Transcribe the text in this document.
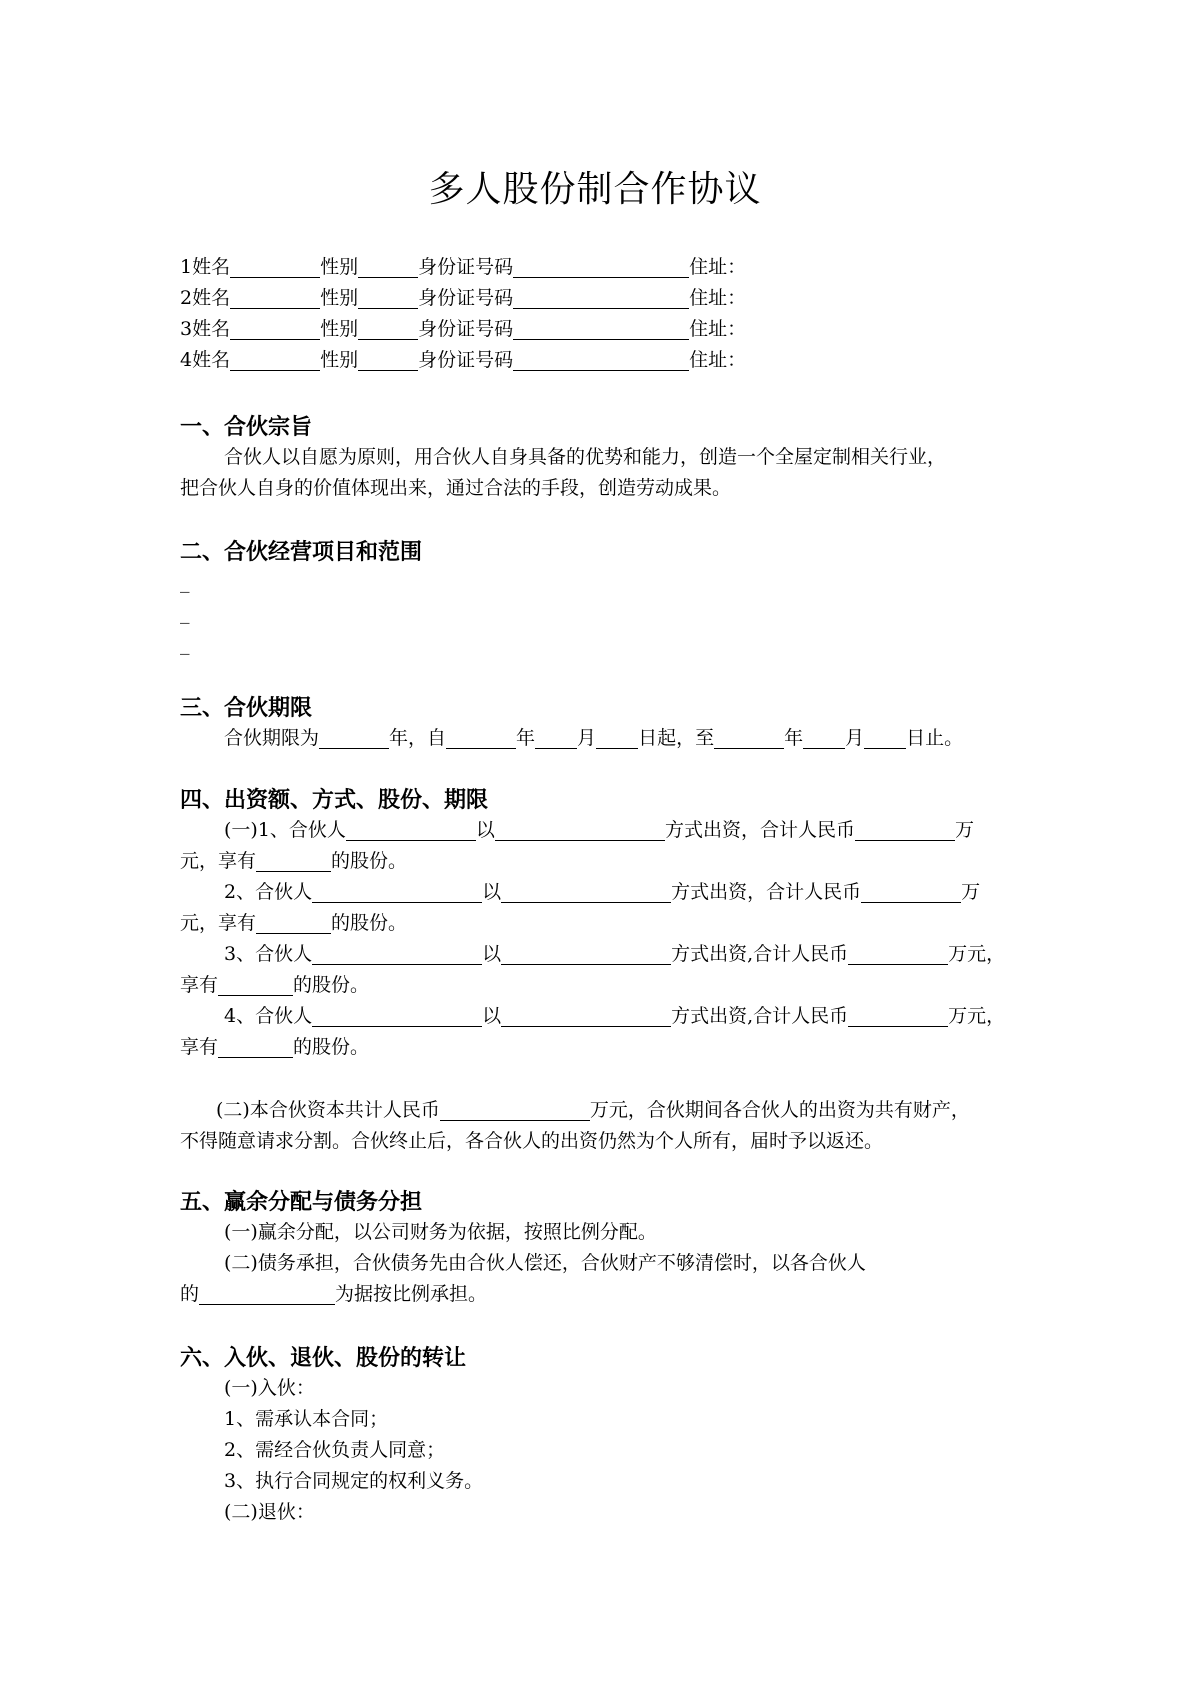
多人股份制合作协议
1姓名	性别	身份证号码	住址：
2姓名	性别	身份证号码	住址：
3姓名	性别	身份证号码	住址：
4姓名	性别	身份证号码	住址：
一、合伙宗旨
合伙人以自愿为原则，用合伙人自身具备的优势和能力，创造一个全屋定制相关行业，
把合伙人自身的价值体现出来，通过合法的手段，创造劳动成果。
二、合伙经营项目和范围
_
_
_
三、合伙期限
合伙期限为	年，自	年 月 日起，至	年 月 日止。
四、出资额、方式、股份、期限
(一)1、合伙人	以	方式出资，合计人民币	万
元，享有	的股份。
2、合伙人	以	方式出资，合计人民币	万
元，享有	的股份。
3、合伙人	以	方式出资,合计人民币	万元，
享有	的股份。
4、合伙人	以	方式出资,合计人民币	万元，
享有	的股份。
(二)本合伙资本共计人民币	万元，合伙期间各合伙人的出资为共有财产，
不得随意请求分割。合伙终止后，各合伙人的出资仍然为个人所有，届时予以返还。
五、赢余分配与债务分担
(一)赢余分配，以公司财务为依据，按照比例分配。
(二)债务承担，合伙债务先由合伙人偿还，合伙财产不够清偿时，以各合伙人
的	为据按比例承担。
六、入伙、退伙、股份的转让
(一)入伙：
1、需承认本合同；
2、需经合伙负责人同意；
3、执行合同规定的权利义务。
(二)退伙：
